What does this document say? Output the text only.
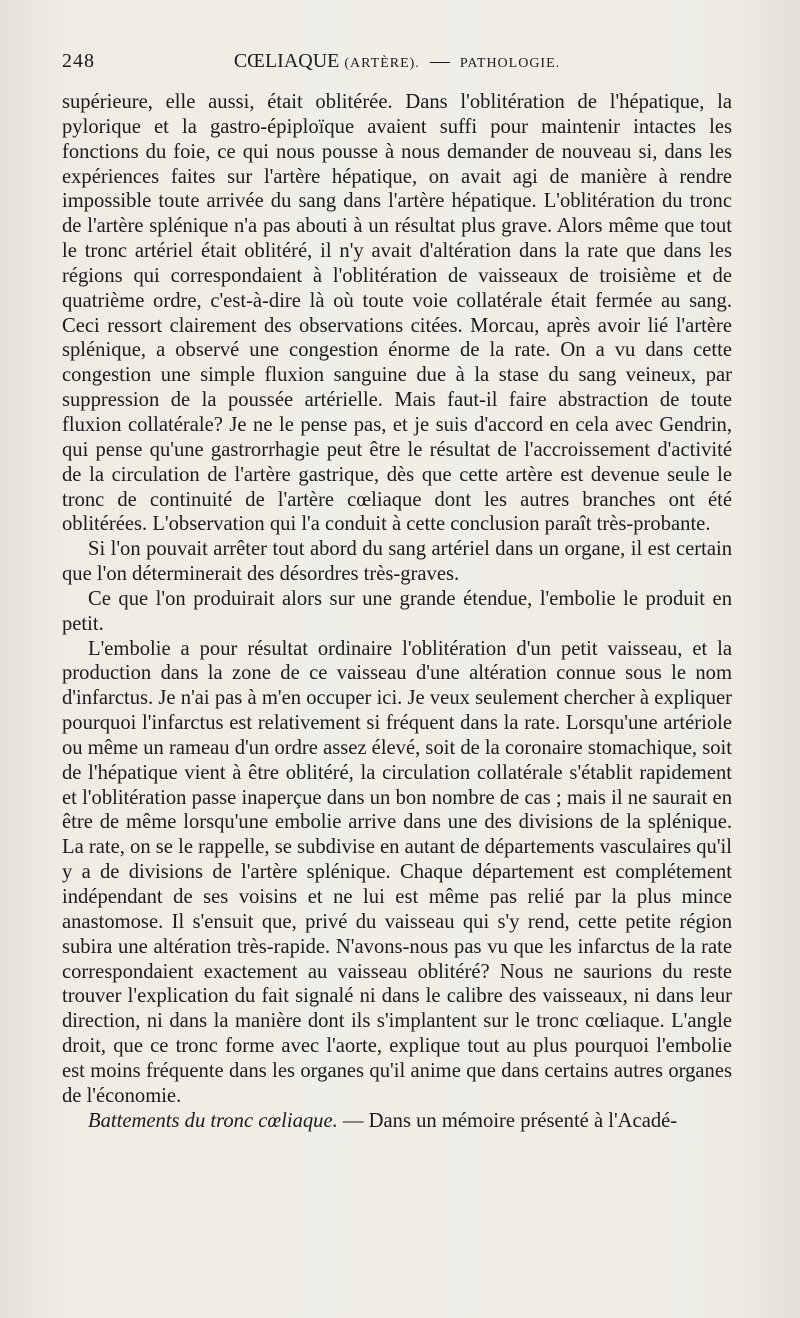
248	CŒLIAQUE (ARTÈRE). — PATHOLOGIE.

supérieure, elle aussi, était oblitérée. Dans l'oblitération de l'hépatique, la pylorique et la gastro-épiploïque avaient suffi pour maintenir intactes les fonctions du foie, ce qui nous pousse à nous demander de nouveau si, dans les expériences faites sur l'artère hépatique, on avait agi de manière à rendre impossible toute arrivée du sang dans l'artère hépatique. L'oblitération du tronc de l'artère splénique n'a pas abouti à un résultat plus grave. Alors même que tout le tronc artériel était oblitéré, il n'y avait d'altération dans la rate que dans les régions qui correspondaient à l'oblitération de vaisseaux de troisième et de quatrième ordre, c'est-à-dire là où toute voie collatérale était fermée au sang. Ceci ressort clairement des observations citées. Morcau, après avoir lié l'artère splénique, a observé une congestion énorme de la rate. On a vu dans cette congestion une simple fluxion sanguine due à la stase du sang veineux, par suppression de la poussée artérielle. Mais faut-il faire abstraction de toute fluxion collatérale? Je ne le pense pas, et je suis d'accord en cela avec Gendrin, qui pense qu'une gastrorrhagie peut être le résultat de l'accroissement d'activité de la circulation de l'artère gastrique, dès que cette artère est devenue seule le tronc de continuité de l'artère cœliaque dont les autres branches ont été oblitérées. L'observation qui l'a conduit à cette conclusion paraît très-probante.

Si l'on pouvait arrêter tout abord du sang artériel dans un organe, il est certain que l'on déterminerait des désordres très-graves.

Ce que l'on produirait alors sur une grande étendue, l'embolie le produit en petit.

L'embolie a pour résultat ordinaire l'oblitération d'un petit vaisseau, et la production dans la zone de ce vaisseau d'une altération connue sous le nom d'infarctus. Je n'ai pas à m'en occuper ici. Je veux seulement chercher à expliquer pourquoi l'infarctus est relativement si fréquent dans la rate. Lorsqu'une artériole ou même un rameau d'un ordre assez élevé, soit de la coronaire stomachique, soit de l'hépatique vient à être oblitéré, la circulation collatérale s'établit rapidement et l'oblitération passe inaperçue dans un bon nombre de cas ; mais il ne saurait en être de même lorsqu'une embolie arrive dans une des divisions de la splénique. La rate, on se le rappelle, se subdivise en autant de départements vasculaires qu'il y a de divisions de l'artère splénique. Chaque département est complétement indépendant de ses voisins et ne lui est même pas relié par la plus mince anastomose. Il s'ensuit que, privé du vaisseau qui s'y rend, cette petite région subira une altération très-rapide. N'avons-nous pas vu que les infarctus de la rate correspondaient exactement au vaisseau oblitéré? Nous ne saurions du reste trouver l'explication du fait signalé ni dans le calibre des vaisseaux, ni dans leur direction, ni dans la manière dont ils s'implantent sur le tronc cœliaque. L'angle droit, que ce tronc forme avec l'aorte, explique tout au plus pourquoi l'embolie est moins fréquente dans les organes qu'il anime que dans certains autres organes de l'économie.

Battements du tronc cœliaque. — Dans un mémoire présenté à l'Acadé-
